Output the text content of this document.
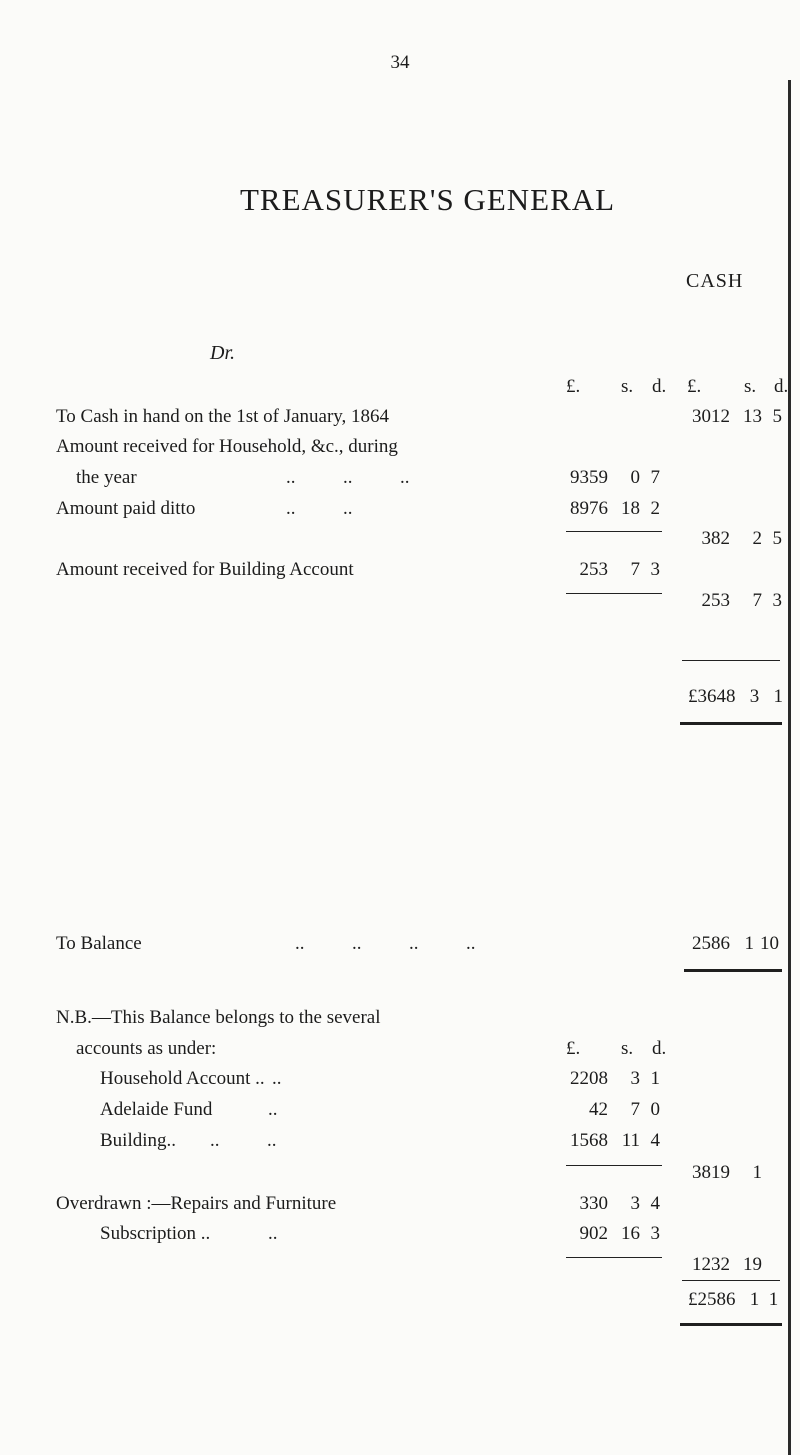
34
TREASURER'S GENERAL
CASH
Dr.
£. s. d. £. s. d.
To Cash in hand on the 1st of January, 1864	3012 13 5
Amount received for Household, &c., during
the year	..          ..          ..	9359	0 7
Amount paid ditto	..          ..	8976 18 2
382	2 5
Amount received for Building Account	253	7 3
253	7 3
£3648   3   1
To Balance	..          ..          ..          ..	2586 1 10
N.B.—This Balance belongs to the several
accounts as under:	£. s. d.
Household Account .. ..	2208	3 1
Adelaide Fund	..	42	7 0
Building.. ..          ..	1568 11 4
3819	1
Overdrawn :—Repairs and Furniture	330	3 4
Subscription ..	..	902 16 3
1232 19
£2586   1  1
